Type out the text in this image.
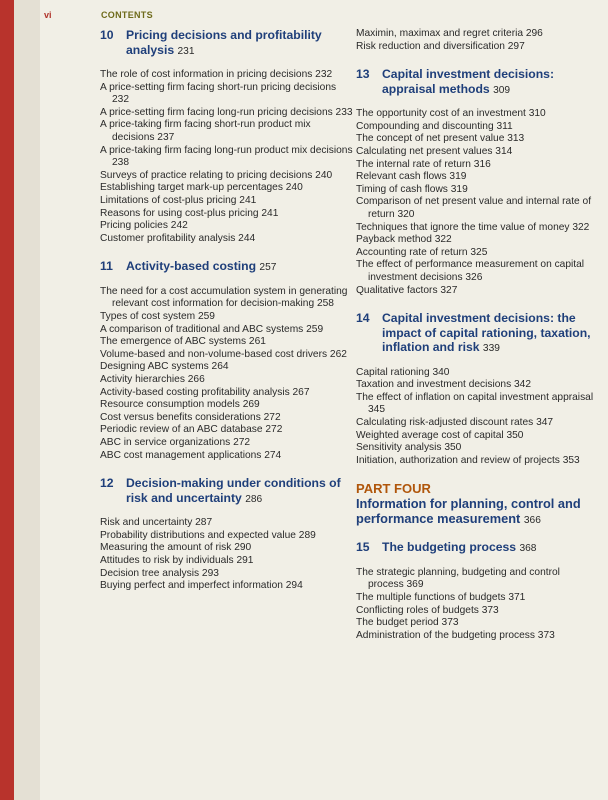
vi	CONTENTS
10	Pricing decisions and profitability analysis 231
The role of cost information in pricing decisions 232
A price-setting firm facing short-run pricing decisions 232
A price-setting firm facing long-run pricing decisions 233
A price-taking firm facing short-run product mix decisions 237
A price-taking firm facing long-run product mix decisions 238
Surveys of practice relating to pricing decisions 240
Establishing target mark-up percentages 240
Limitations of cost-plus pricing 241
Reasons for using cost-plus pricing 241
Pricing policies 242
Customer profitability analysis 244
11	Activity-based costing 257
The need for a cost accumulation system in generating relevant cost information for decision-making 258
Types of cost system 259
A comparison of traditional and ABC systems 259
The emergence of ABC systems 261
Volume-based and non-volume-based cost drivers 262
Designing ABC systems 264
Activity hierarchies 266
Activity-based costing profitability analysis 267
Resource consumption models 269
Cost versus benefits considerations 272
Periodic review of an ABC database 272
ABC in service organizations 272
ABC cost management applications 274
12	Decision-making under conditions of risk and uncertainty 286
Risk and uncertainty 287
Probability distributions and expected value 289
Measuring the amount of risk 290
Attitudes to risk by individuals 291
Decision tree analysis 293
Buying perfect and imperfect information 294
Maximin, maximax and regret criteria 296
Risk reduction and diversification 297
13	Capital investment decisions: appraisal methods 309
The opportunity cost of an investment 310
Compounding and discounting 311
The concept of net present value 313
Calculating net present values 314
The internal rate of return 316
Relevant cash flows 319
Timing of cash flows 319
Comparison of net present value and internal rate of return 320
Techniques that ignore the time value of money 322
Payback method 322
Accounting rate of return 325
The effect of performance measurement on capital investment decisions 326
Qualitative factors 327
14	Capital investment decisions: the impact of capital rationing, taxation, inflation and risk 339
Capital rationing 340
Taxation and investment decisions 342
The effect of inflation on capital investment appraisal 345
Calculating risk-adjusted discount rates 347
Weighted average cost of capital 350
Sensitivity analysis 350
Initiation, authorization and review of projects 353
PART FOUR
Information for planning, control and performance measurement 366
15	The budgeting process 368
The strategic planning, budgeting and control process 369
The multiple functions of budgets 371
Conflicting roles of budgets 373
The budget period 373
Administration of the budgeting process 373
